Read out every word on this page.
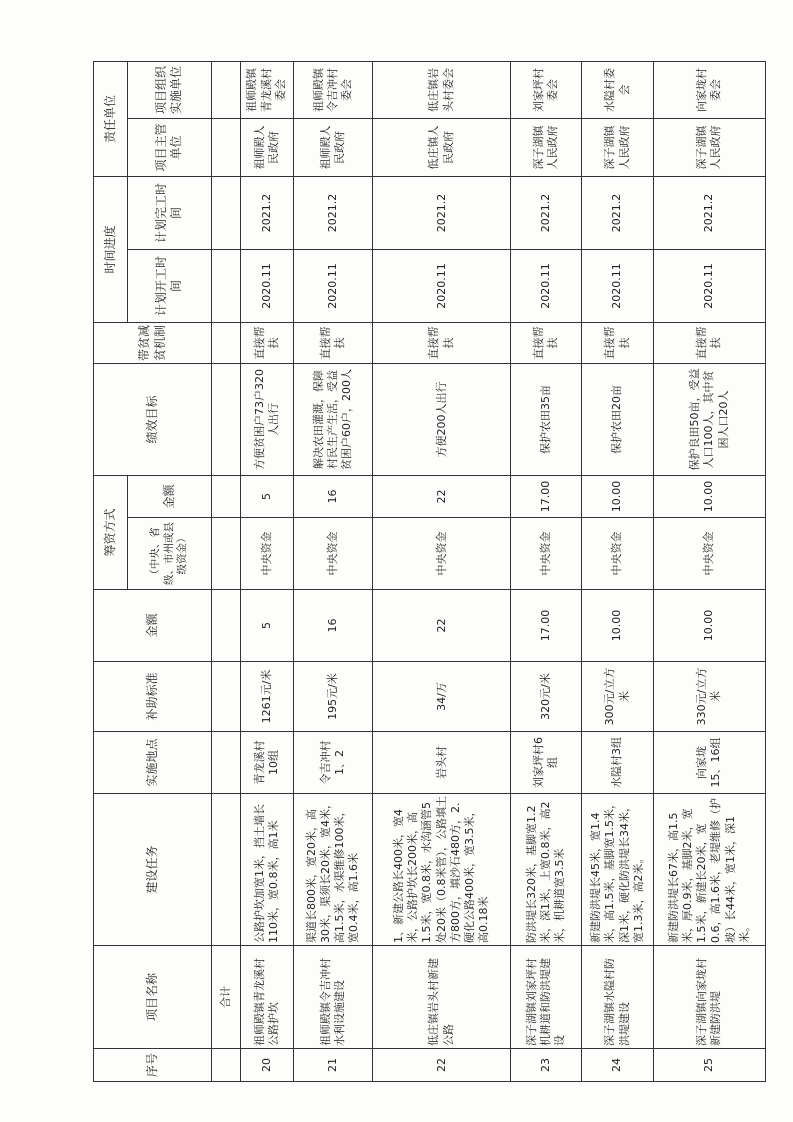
序号	项目名称	建设任务	实施地点	补助标准	金额	筹资方式		绩效目标	带贫减贫机制	时间进度		责任单位	
						（中央、省级、市州或县级资金）	金额			计划开工时间	计划完工时间	项目主管单位	项目组织实施单位
	合计												
20	祖师殿镇青龙溪村公路护坎	公路护坎加宽1米，挡土墙长110米，宽0.8米，高1米	青龙溪村10组	1261元/米	5	中央资金	5	方便贫困户73户320人出行	直接帮扶	2020.11	2021.2	祖师殿人民政府	祖师殿镇青龙溪村委会
21	祖师殿镇令吉冲村水利设施建设	渠道长800米，宽20米，高30米，渠须长20米，宽4米，高1.5米，水渠维修100米，宽0.4米，高1.6米	令吉冲村1、2	195元/米	16	中央资金	16	解决农田灌溉，保障村民生产生活，受益贫困户60户，200人	直接帮扶	2020.11	2021.2	祖师殿人民政府	祖师殿镇令吉冲村委会
22	低庄镇岩头村新建公路	1、新建公路长400米，宽4米，公路护坎长200米，高1.5米，宽0.8米，水沟涵管5处20米（0.8米管），公路填土方800方，填沙石480方，2.硬化公路400米，宽3.5米，高0.18米	岩头村	34/万	22	中央资金	22	方便200人出行	直接帮扶	2020.11	2021.2	低庄镇人民政府	低庄镇岩头村委会
23	深子湖镇刘家坪村机耕道和防洪堤建设	防洪堤长320米，基脚宽1.2米，深1米，上宽0.8米，高2米，机耕道宽3.5米	刘家坪村6组	320元/米	17.00	中央资金	17.00	保护农田35亩	直接帮扶	2020.11	2021.2	深子湖镇人民政府	刘家坪村委会
24	深子湖镇水隘村防洪堤建设	新建防洪堤长45米，宽1.4米，高1.5米，基脚宽1.5米，深1米，硬化防洪堤长34米，宽1.3米，高2米。	水隘村3组	300元/立方米	10.00	中央资金	10.00	保护农田20亩	直接帮扶	2020.11	2021.2	深子湖镇人民政府	水隘村委会
25	深子湖镇向家垅村新建防洪堤	新建防洪堤长67米，高1.5米，厚0.9米，基脚2米，宽1.5米，新建长20米，宽0.6，高1.6米，老堤维修（护坡）长44米，宽1米，深1米。	向家垅15、16组	330元/立方米	10.00	中央资金	10.00	保护良田50亩，受益人口100人，其中贫困人口20人	直接帮扶	2020.11	2021.2	深子湖镇人民政府	向家垅村委会
